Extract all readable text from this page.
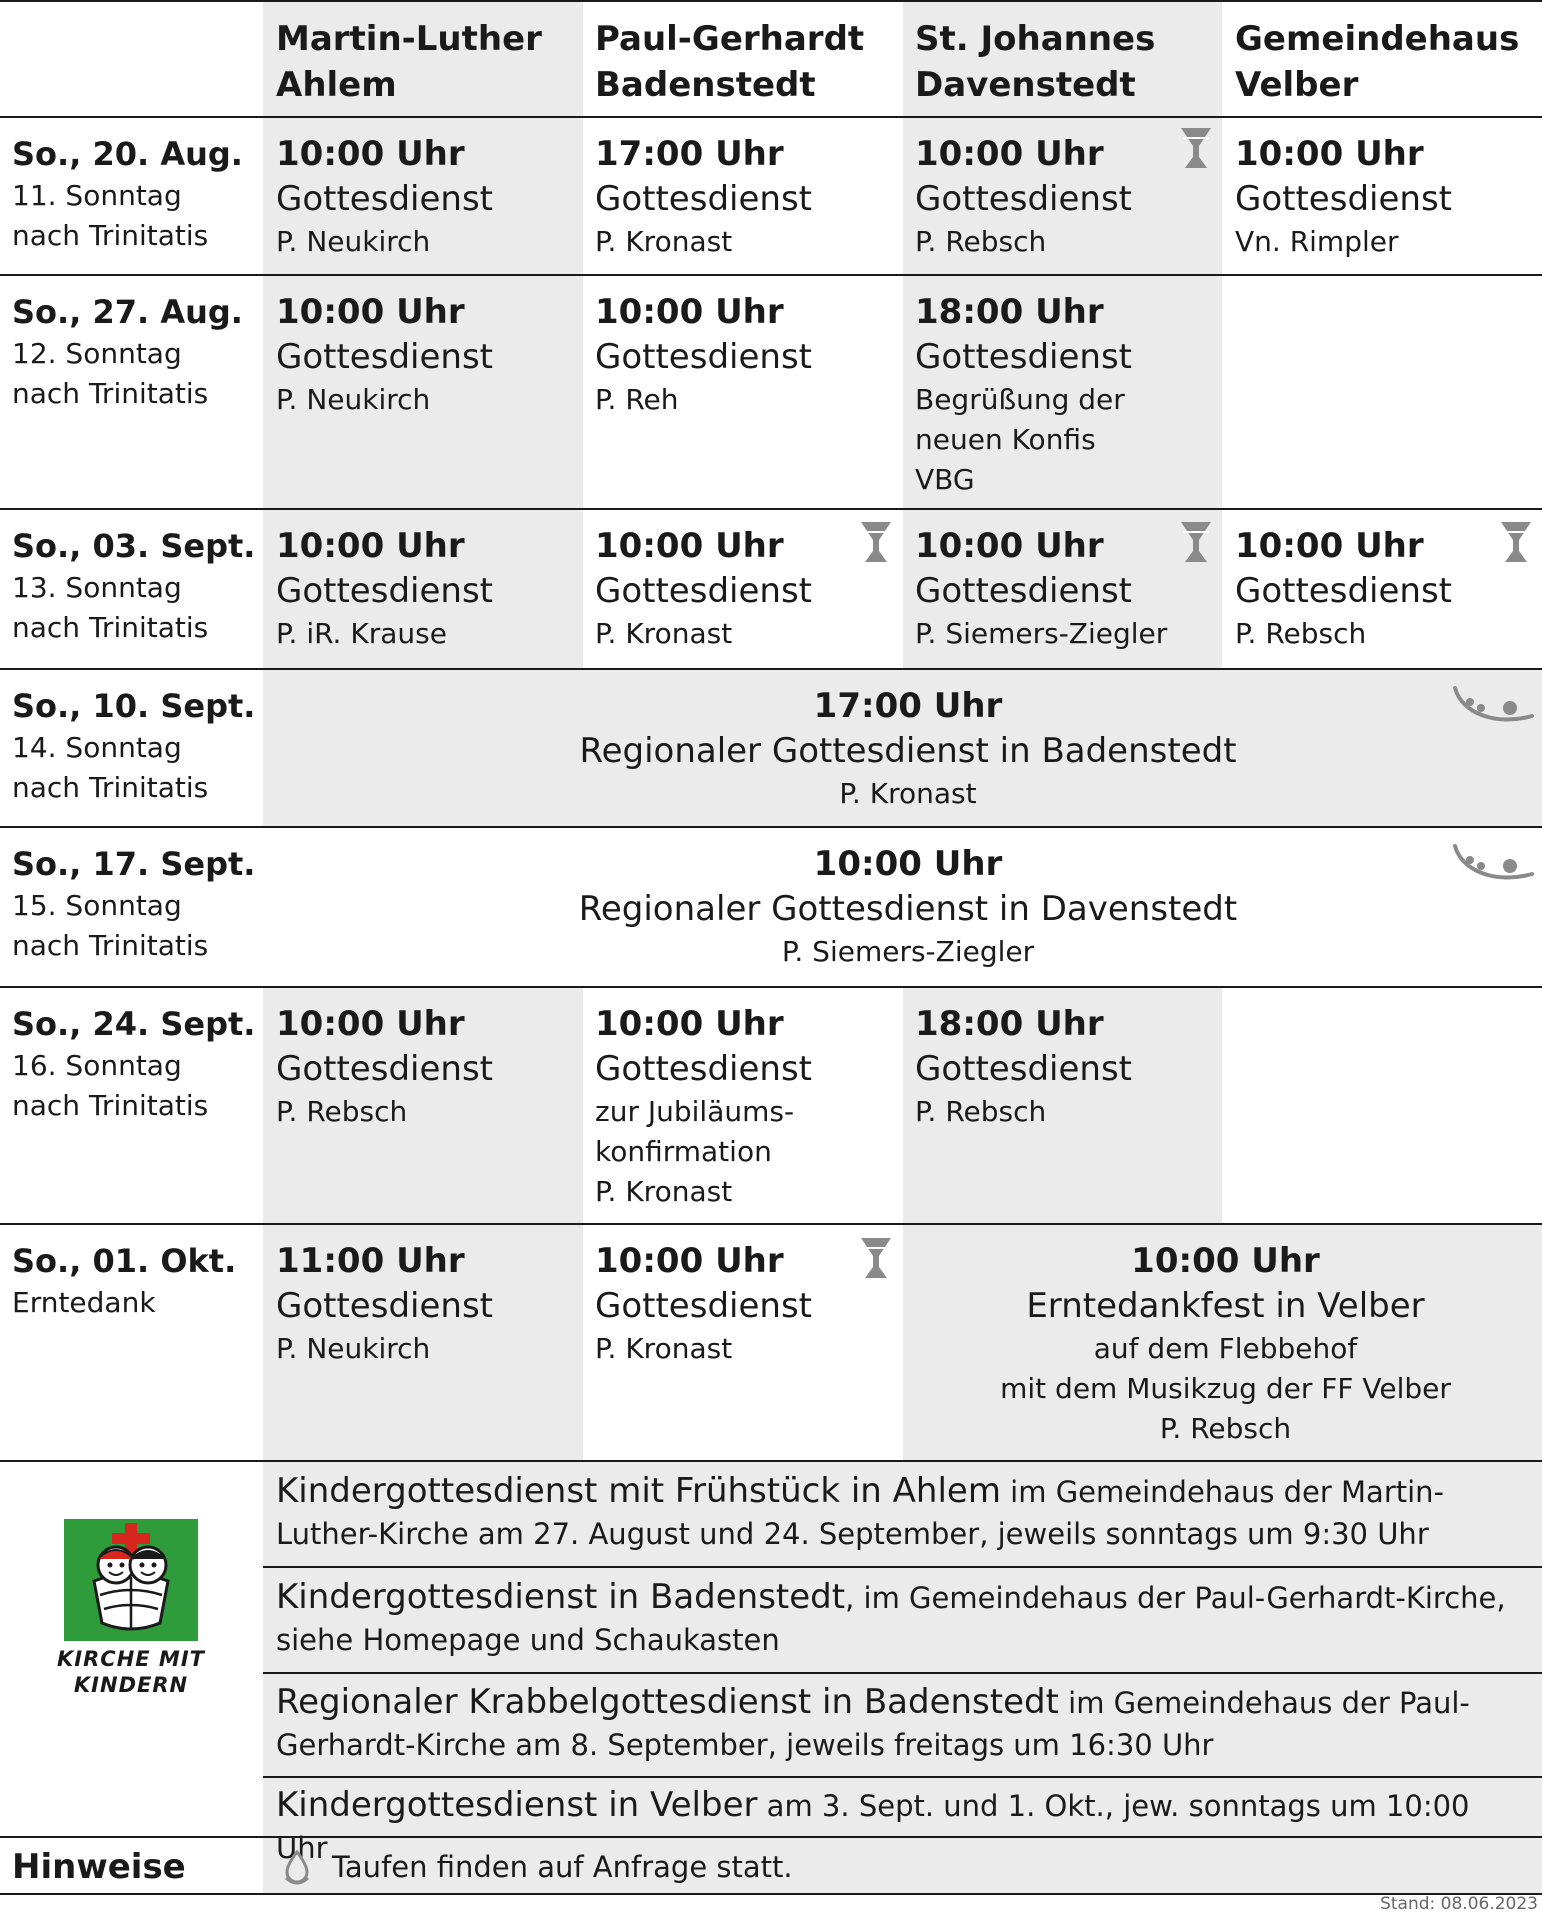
Martin-Luther
Ahlem
Paul-Gerhardt
Badenstedt
St. Johannes
Davenstedt
Gemeindehaus
Velber
So., 20. Aug.
11. Sonntag
nach Trinitatis
10:00 Uhr
Gottesdienst
P. Neukirch
17:00 Uhr
Gottesdienst
P. Kronast
10:00 Uhr
Gottesdienst
P. Rebsch
10:00 Uhr
Gottesdienst
Vn. Rimpler
So., 27. Aug.
12. Sonntag
nach Trinitatis
10:00 Uhr
Gottesdienst
P. Neukirch
10:00 Uhr
Gottesdienst
P. Reh
18:00 Uhr
Gottesdienst
Begrüßung der
neuen Konfis
VBG
So., 03. Sept.
13. Sonntag
nach Trinitatis
10:00 Uhr
Gottesdienst
P. iR. Krause
10:00 Uhr
Gottesdienst
P. Kronast
10:00 Uhr
Gottesdienst
P. Siemers-Ziegler
10:00 Uhr
Gottesdienst
P. Rebsch
So., 10. Sept.
14. Sonntag
nach Trinitatis
17:00 Uhr
Regionaler Gottesdienst in Badenstedt
P. Kronast
So., 17. Sept.
15. Sonntag
nach Trinitatis
10:00 Uhr
Regionaler Gottesdienst in Davenstedt
P. Siemers-Ziegler
So., 24. Sept.
16. Sonntag
nach Trinitatis
10:00 Uhr
Gottesdienst
P. Rebsch
10:00 Uhr
Gottesdienst
zur Jubiläums-
konfirmation
P. Kronast
18:00 Uhr
Gottesdienst
P. Rebsch
So., 01. Okt.
Erntedank
11:00 Uhr
Gottesdienst
P. Neukirch
10:00 Uhr
Gottesdienst
P. Kronast
10:00 Uhr
Erntedankfest in Velber
auf dem Flebbehof
mit dem Musikzug der FF Velber
P. Rebsch
KIRCHE MIT
KINDERN
Kindergottesdienst mit Frühstück in Ahlem im Gemeindehaus der Martin-Luther-Kirche am 27. August und 24. September, jeweils sonntags um 9:30 Uhr
Kindergottesdienst in Badenstedt, im Gemeindehaus der Paul-Gerhardt-Kirche, siehe Homepage und Schaukasten
Regionaler Krabbelgottesdienst in Badenstedt im Gemeindehaus der Paul-Gerhardt-Kirche am 8. September, jeweils freitags um 16:30 Uhr
Kindergottesdienst in Velber am 3. Sept. und 1. Okt., jew. sonntags um 10:00 Uhr
Hinweise	Taufen finden auf Anfrage statt.
Stand: 08.06.2023
